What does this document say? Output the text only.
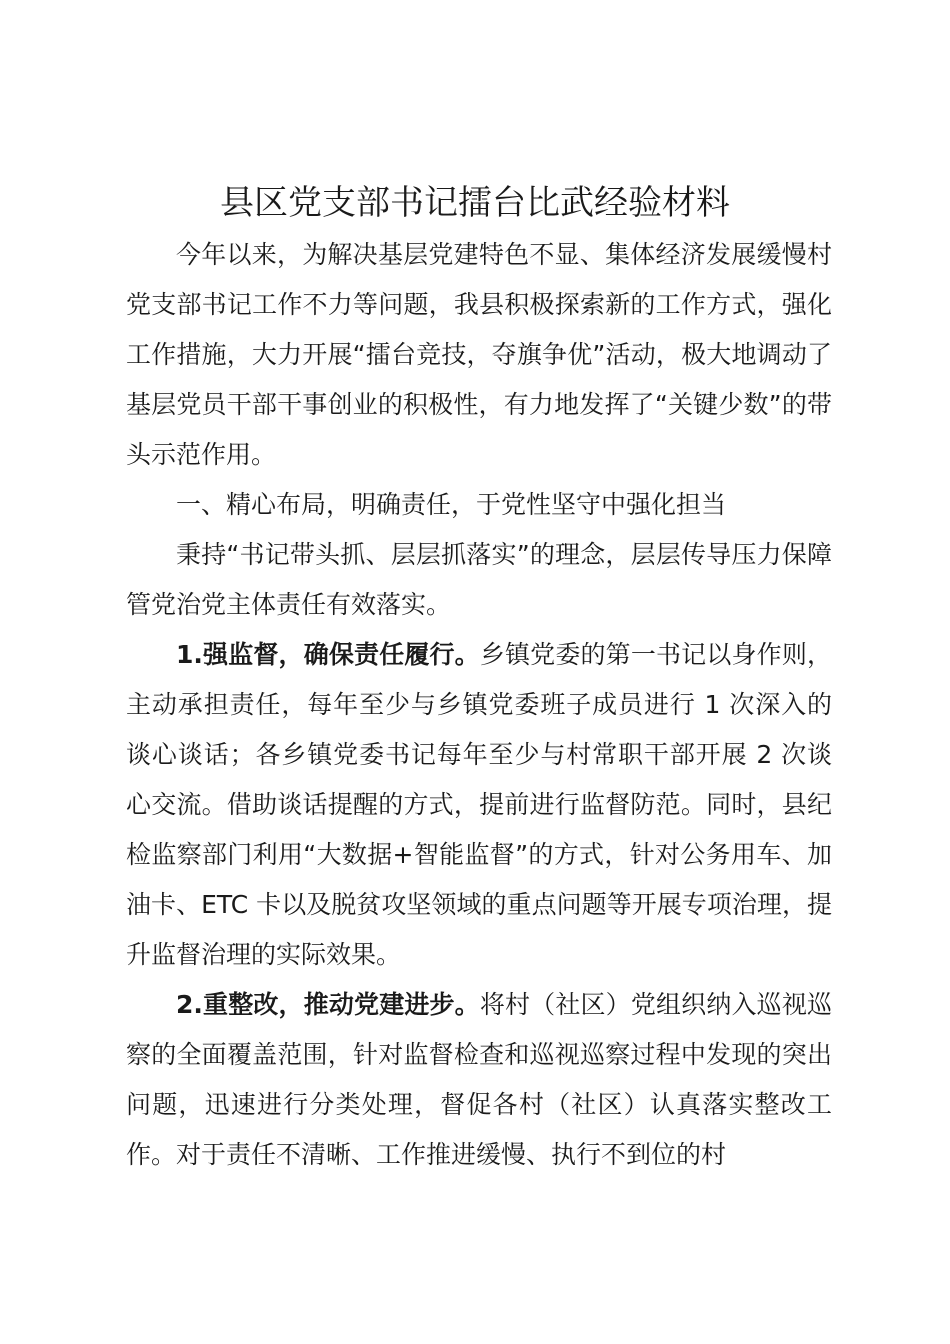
县区党支部书记擂台比武经验材料

今年以来，为解决基层党建特色不显、集体经济发展缓慢村党支部书记工作不力等问题，我县积极探索新的工作方式，强化工作措施，大力开展“擂台竞技，夺旗争优”活动，极大地调动了基层党员干部干事创业的积极性，有力地发挥了“关键少数”的带头示范作用。

一、精心布局，明确责任，于党性坚守中强化担当

秉持“书记带头抓、层层抓落实”的理念，层层传导压力保障管党治党主体责任有效落实。

1.强监督，确保责任履行。乡镇党委的第一书记以身作则，主动承担责任，每年至少与乡镇党委班子成员进行 1 次深入的谈心谈话；各乡镇党委书记每年至少与村常职干部开展 2 次谈心交流。借助谈话提醒的方式，提前进行监督防范。同时，县纪检监察部门利用“大数据+智能监督”的方式，针对公务用车、加油卡、ETC 卡以及脱贫攻坚领域的重点问题等开展专项治理，提升监督治理的实际效果。

2.重整改，推动党建进步。将村（社区）党组织纳入巡视巡察的全面覆盖范围，针对监督检查和巡视巡察过程中发现的突出问题，迅速进行分类处理，督促各村（社区）认真落实整改工作。对于责任不清晰、工作推进缓慢、执行不到位的村
